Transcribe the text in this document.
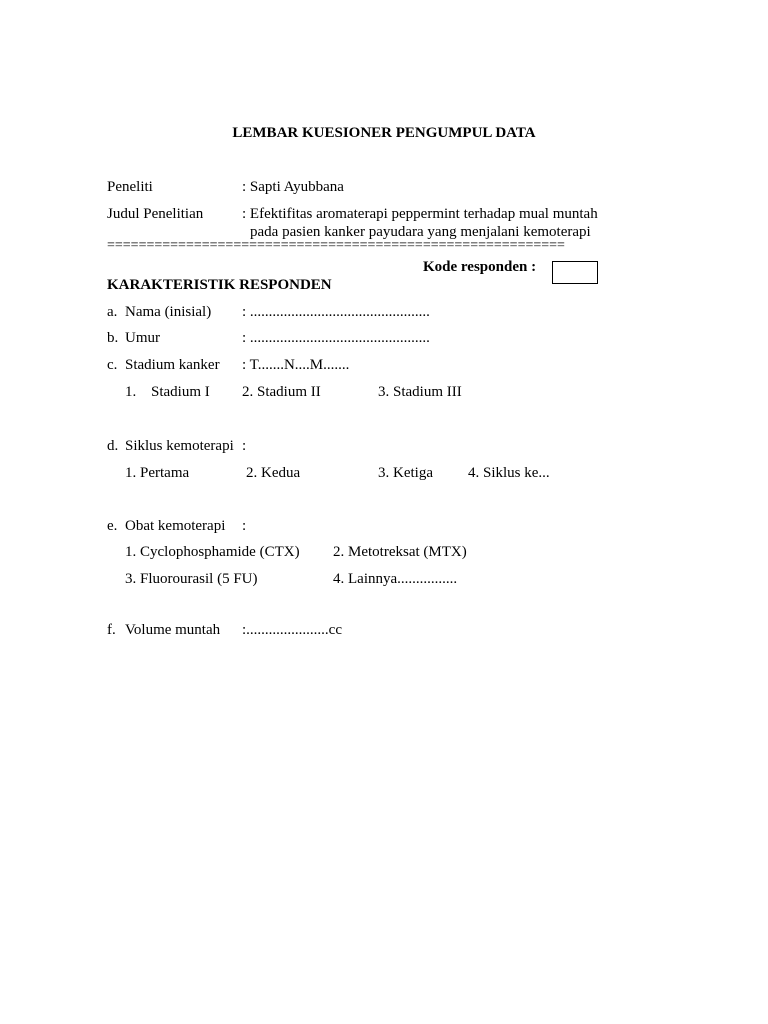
LEMBAR KUESIONER PENGUMPUL DATA
Peneliti	: Sapti Ayubbana
Judul Penelitian	: Efektifitas aromaterapi peppermint terhadap mual muntah
pada pasien kanker payudara yang menjalani kemoterapi
==========================================================
Kode responden :
KARAKTERISTIK RESPONDEN
a. Nama (inisial) : ................................................
b. Umur	: ................................................
c. Stadium kanker : T.......N....M.......
1. Stadium I 2. Stadium II	3. Stadium III
d. Siklus kemoterapi :
1. Pertama	2. Kedua	3. Ketiga 4. Siklus ke...
e. Obat kemoterapi :
1. Cyclophosphamide (CTX) 2. Metotreksat (MTX)
3. Fluorourasil (5 FU)	4. Lainnya................
f. Volume muntah :......................cc
